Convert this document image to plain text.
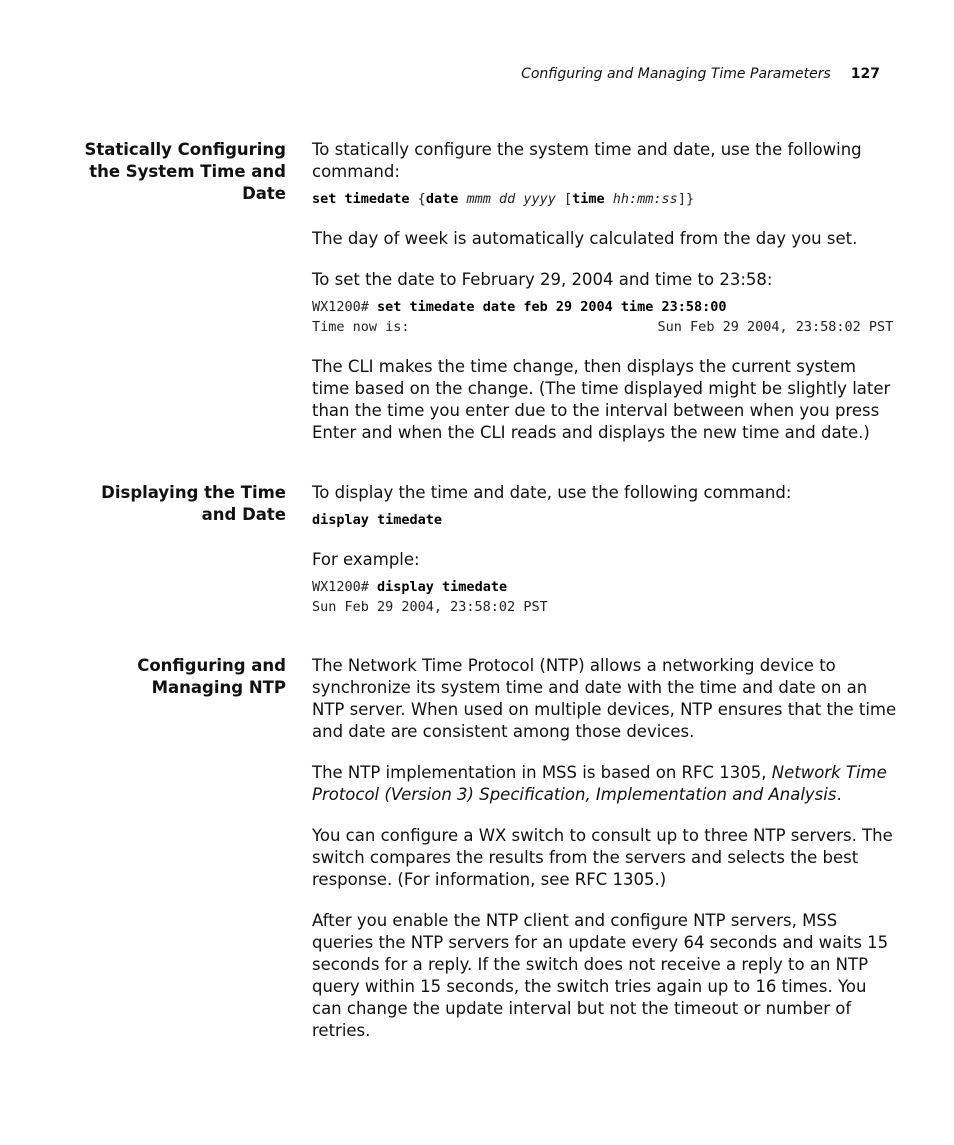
Configuring and Managing Time Parameters 127
Statically Configuring
the System Time and
Date

To statically configure the system time and date, use the following command:

set timedate {date mmm dd yyyy [time hh:mm:ss]}

The day of week is automatically calculated from the day you set.

To set the date to February 29, 2004 and time to 23:58:

WX1200# set timedate date feb 29 2004 time 23:58:00
Time now is:	Sun Feb 29 2004, 23:58:02 PST

The CLI makes the time change, then displays the current system time based on the change. (The time displayed might be slightly later than the time you enter due to the interval between when you press Enter and when the CLI reads and displays the new time and date.)

Displaying the Time
and Date

To display the time and date, use the following command:

display timedate

For example:

WX1200# display timedate
Sun Feb 29 2004, 23:58:02 PST
Configuring and
Managing NTP

The Network Time Protocol (NTP) allows a networking device to synchronize its system time and date with the time and date on an NTP server. When used on multiple devices, NTP ensures that the time and date are consistent among those devices.

The NTP implementation in MSS is based on RFC 1305, Network Time Protocol (Version 3) Specification, Implementation and Analysis.

You can configure a WX switch to consult up to three NTP servers. The switch compares the results from the servers and selects the best response. (For information, see RFC 1305.)

After you enable the NTP client and configure NTP servers, MSS queries the NTP servers for an update every 64 seconds and waits 15 seconds for a reply. If the switch does not receive a reply to an NTP query within 15 seconds, the switch tries again up to 16 times. You can change the update interval but not the timeout or number of retries.
